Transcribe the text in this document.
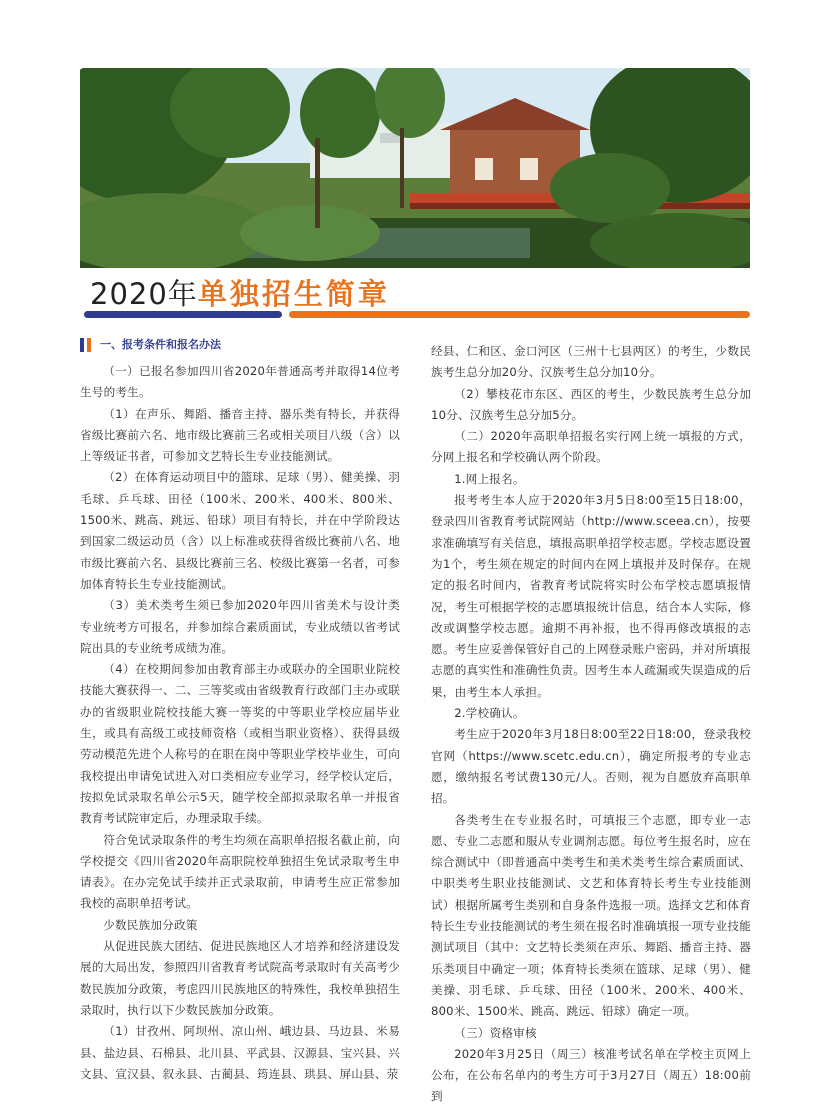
2020年单独招生简章
一、报考条件和报名办法

（一）已报名参加四川省2020年普通高考并取得14位考生号的考生。

（1）在声乐、舞蹈、播音主持、器乐类有特长，并获得省级比赛前六名、地市级比赛前三名或相关项目八级（含）以上等级证书者，可参加文艺特长生专业技能测试。

（2）在体育运动项目中的篮球、足球（男）、健美操、羽毛球、乒乓球、田径（100米、200米、400米、800米、1500米、跳高、跳远、铅球）项目有特长，并在中学阶段达到国家二级运动员（含）以上标准或获得省级比赛前八名、地市级比赛前六名、县级比赛前三名、校级比赛第一名者，可参加体育特长生专业技能测试。

（3）美术类考生须已参加2020年四川省美术与设计类专业统考方可报名，并参加综合素质面试，专业成绩以省考试院出具的专业统考成绩为准。

（4）在校期间参加由教育部主办或联办的全国职业院校技能大赛获得一、二、三等奖或由省级教育行政部门主办或联办的省级职业院校技能大赛一等奖的中等职业学校应届毕业生，或具有高级工或技师资格（或相当职业资格）、获得县级劳动模范先进个人称号的在职在岗中等职业学校毕业生，可向我校提出申请免试进入对口类相应专业学习，经学校认定后，按拟免试录取名单公示5天，随学校全部拟录取名单一并报省教育考试院审定后，办理录取手续。

符合免试录取条件的考生均须在高职单招报名截止前，向学校提交《四川省2020年高职院校单独招生免试录取考生申请表》。在办完免试手续并正式录取前，申请考生应正常参加我校的高职单招考试。

少数民族加分政策

从促进民族大团结、促进民族地区人才培养和经济建设发展的大局出发，参照四川省教育考试院高考录取时有关高考少数民族加分政策，考虑四川民族地区的特殊性，我校单独招生录取时，执行以下少数民族加分政策。

（1）甘孜州、阿坝州、凉山州、峨边县、马边县、米易县、盐边县、石棉县、北川县、平武县、汉源县、宝兴县、兴文县、宣汉县、叙永县、古蔺县、筠连县、珙县、屏山县、荥

经县、仁和区、金口河区（三州十七县两区）的考生，少数民族考生总分加20分、汉族考生总分加10分。

（2）攀枝花市东区、西区的考生，少数民族考生总分加10分、汉族考生总分加5分。

（二）2020年高职单招报名实行网上统一填报的方式，分网上报名和学校确认两个阶段。

1.网上报名。

报考考生本人应于2020年3月5日8:00至15日18:00，登录四川省教育考试院网站（http://www.sceea.cn），按要求准确填写有关信息，填报高职单招学校志愿。学校志愿设置为1个，考生须在规定的时间内在网上填报并及时保存。在规定的报名时间内，省教育考试院将实时公布学校志愿填报情况，考生可根据学校的志愿填报统计信息，结合本人实际，修改或调整学校志愿。逾期不再补报，也不得再修改填报的志愿。考生应妥善保管好自己的上网登录账户密码，并对所填报志愿的真实性和准确性负责。因考生本人疏漏或失误造成的后果，由考生本人承担。

2.学校确认。

考生应于2020年3月18日8:00至22日18:00，登录我校官网（https://www.scetc.edu.cn），确定所报考的专业志愿，缴纳报名考试费130元/人。否则，视为自愿放弃高职单招。

各类考生在专业报名时，可填报三个志愿，即专业一志愿、专业二志愿和服从专业调剂志愿。每位考生报名时，应在综合测试中（即普通高中类考生和美术类考生综合素质面试、中职类考生职业技能测试、文艺和体育特长考生专业技能测试）根据所属考生类别和自身条件选报一项。选择文艺和体育特长生专业技能测试的考生须在报名时准确填报一项专业技能测试项目（其中：文艺特长类须在声乐、舞蹈、播音主持、器乐类项目中确定一项；体育特长类须在篮球、足球（男）、健美操、羽毛球、乒乓球、田径（100米、200米、400米、800米、1500米、跳高、跳远、铅球）确定一项。

（三）资格审核

2020年3月25日（周三）核准考试名单在学校主页网上公布，在公布名单内的考生方可于3月27日（周五）18:00前到
